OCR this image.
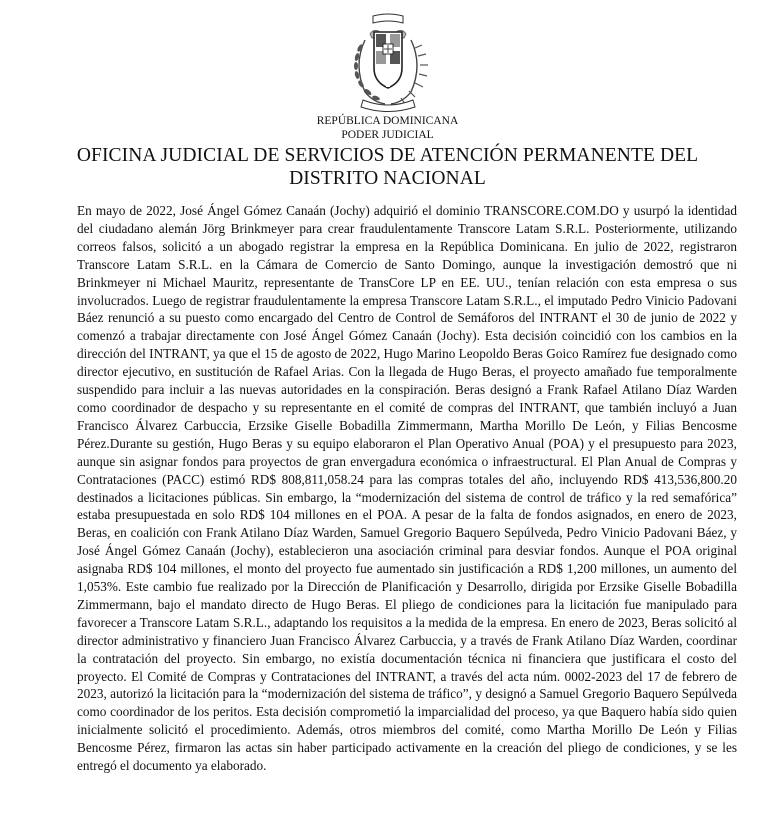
REPÚBLICA DOMINICANA
PODER JUDICIAL
OFICINA JUDICIAL DE SERVICIOS DE ATENCIÓN PERMANENTE DEL DISTRITO NACIONAL

En mayo de 2022, José Ángel Gómez Canaán (Jochy) adquirió el dominio TRANSCORE.COM.DO y usurpó la identidad del ciudadano alemán Jörg Brinkmeyer para crear fraudulentamente Transcore Latam S.R.L. Posteriormente, utilizando correos falsos, solicitó a un abogado registrar la empresa en la República Dominicana. En julio de 2022, registraron Transcore Latam S.R.L. en la Cámara de Comercio de Santo Domingo, aunque la investigación demostró que ni Brinkmeyer ni Michael Mauritz, representante de TransCore LP en EE. UU., tenían relación con esta empresa o sus involucrados. Luego de registrar fraudulentamente la empresa Transcore Latam S.R.L., el imputado Pedro Vinicio Padovani Báez renunció a su puesto como encargado del Centro de Control de Semáforos del INTRANT el 30 de junio de 2022 y comenzó a trabajar directamente con José Ángel Gómez Canaán (Jochy). Esta decisión coincidió con los cambios en la dirección del INTRANT, ya que el 15 de agosto de 2022, Hugo Marino Leopoldo Beras Goico Ramírez fue designado como director ejecutivo, en sustitución de Rafael Arias. Con la llegada de Hugo Beras, el proyecto amañado fue temporalmente suspendido para incluir a las nuevas autoridades en la conspiración. Beras designó a Frank Rafael Atilano Díaz Warden como coordinador de despacho y su representante en el comité de compras del INTRANT, que también incluyó a Juan Francisco Álvarez Carbuccia, Erzsike Giselle Bobadilla Zimmermann, Martha Morillo De León, y Filias Bencosme Pérez.Durante su gestión, Hugo Beras y su equipo elaboraron el Plan Operativo Anual (POA) y el presupuesto para 2023, aunque sin asignar fondos para proyectos de gran envergadura económica o infraestructural. El Plan Anual de Compras y Contrataciones (PACC) estimó RD$ 808,811,058.24 para las compras totales del año, incluyendo RD$ 413,536,800.20 destinados a licitaciones públicas. Sin embargo, la “modernización del sistema de control de tráfico y la red semafórica” estaba presupuestada en solo RD$ 104 millones en el POA. A pesar de la falta de fondos asignados, en enero de 2023, Beras, en coalición con Frank Atilano Díaz Warden, Samuel Gregorio Baquero Sepúlveda, Pedro Vinicio Padovani Báez, y José Ángel Gómez Canaán (Jochy), establecieron una asociación criminal para desviar fondos. Aunque el POA original asignaba RD$ 104 millones, el monto del proyecto fue aumentado sin justificación a RD$ 1,200 millones, un aumento del 1,053%. Este cambio fue realizado por la Dirección de Planificación y Desarrollo, dirigida por Erzsike Giselle Bobadilla Zimmermann, bajo el mandato directo de Hugo Beras. El pliego de condiciones para la licitación fue manipulado para favorecer a Transcore Latam S.R.L., adaptando los requisitos a la medida de la empresa. En enero de 2023, Beras solicitó al director administrativo y financiero Juan Francisco Álvarez Carbuccia, y a través de Frank Atilano Díaz Warden, coordinar la contratación del proyecto. Sin embargo, no existía documentación técnica ni financiera que justificara el costo del proyecto. El Comité de Compras y Contrataciones del INTRANT, a través del acta núm. 0002-2023 del 17 de febrero de 2023, autorizó la licitación para la “modernización del sistema de tráfico”, y designó a Samuel Gregorio Baquero Sepúlveda como coordinador de los peritos. Esta decisión comprometió la imparcialidad del proceso, ya que Baquero había sido quien inicialmente solicitó el procedimiento. Además, otros miembros del comité, como Martha Morillo De León y Filias Bencosme Pérez, firmaron las actas sin haber participado activamente en la creación del pliego de condiciones, y se les entregó el documento ya elaborado.
